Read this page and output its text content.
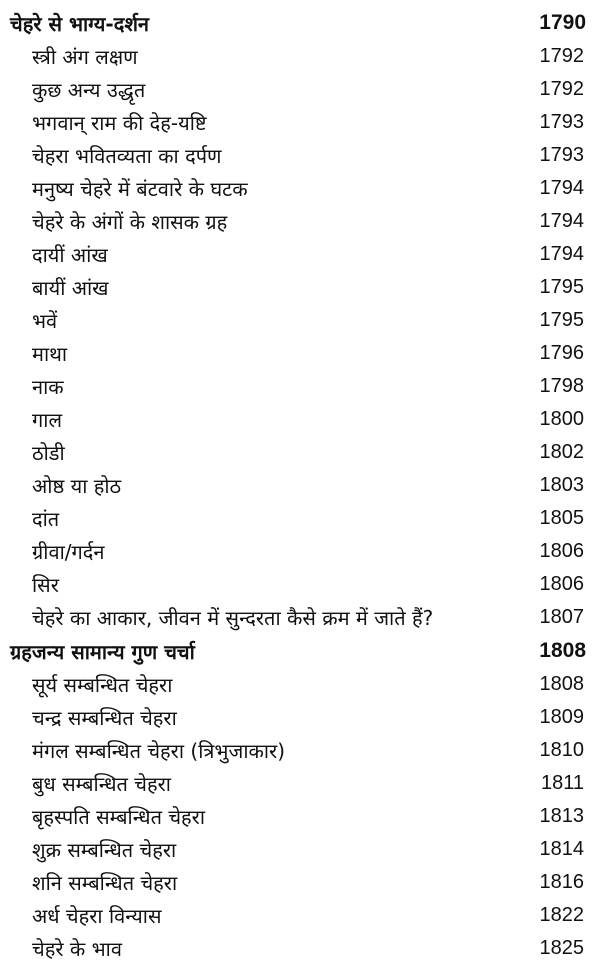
चेहरे से भाग्य-दर्शन	1790
स्त्री अंग लक्षण	1792
कुछ अन्य उद्धृत	1792
भगवान् राम की देह-यष्टि	1793
चेहरा भवितव्यता का दर्पण	1793
मनुष्य चेहरे में बंटवारे के घटक	1794
चेहरे के अंगों के शासक ग्रह	1794
दायीं आंख	1794
बायीं आंख	1795
भवें	1795
माथा	1796
नाक	1798
गाल	1800
ठोडी	1802
ओष्ठ या होठ	1803
दांत	1805
ग्रीवा/गर्दन	1806
सिर	1806
चेहरे का आकार, जीवन में सुन्दरता कैसे क्रम में जाते हैं?	1807
ग्रहजन्य सामान्य गुण चर्चा	1808
सूर्य सम्बन्धित चेहरा	1808
चन्द्र सम्बन्धित चेहरा	1809
मंगल सम्बन्धित चेहरा (त्रिभुजाकार)	1810
बुध सम्बन्धित चेहरा	1811
बृहस्पति सम्बन्धित चेहरा	1813
शुक्र सम्बन्धित चेहरा	1814
शनि सम्बन्धित चेहरा	1816
अर्ध चेहरा विन्यास	1822
चेहरे के भाव	1825
